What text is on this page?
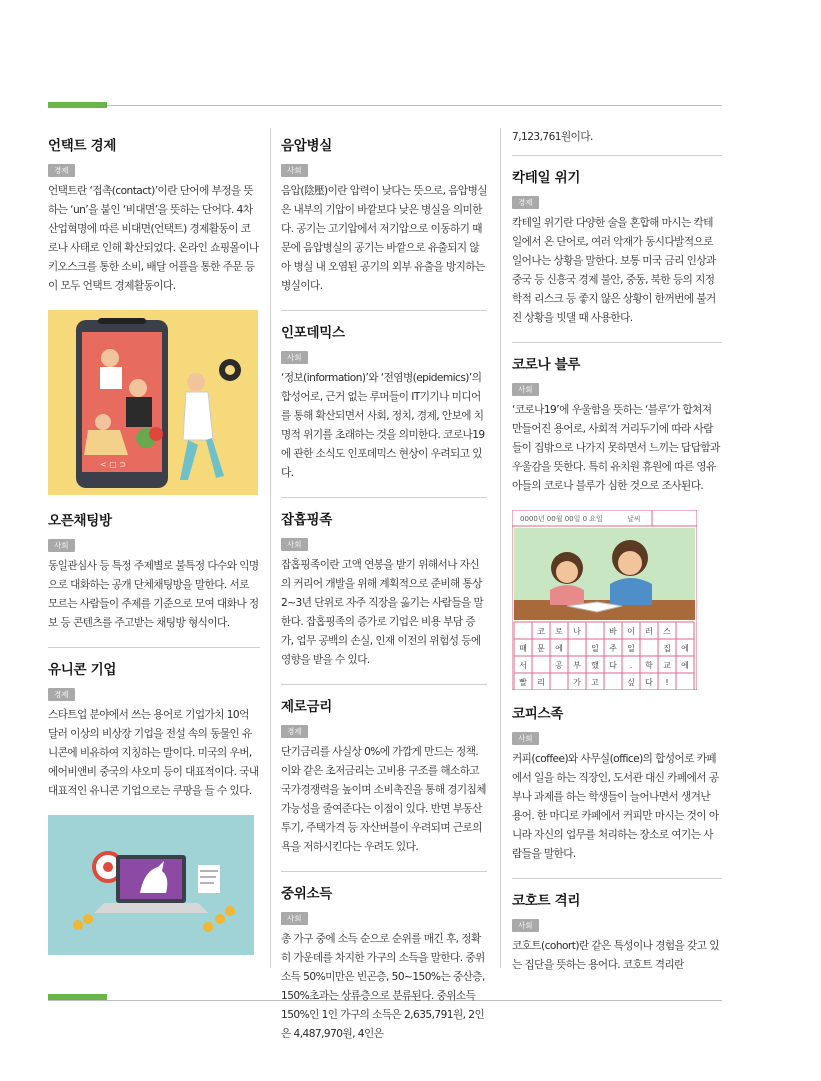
언택트 경제
경제

언택트란 ‘접촉(contact)’이란 단어에 부정을 뜻하는 ‘un’을 붙인 ‘비대면’을 뜻하는 단어다. 4차 산업혁명에 따른 비대면(언택트) 경제활동이 코로나 사태로 인해 확산되었다. 온라인 쇼핑몰이나 키오스크를 통한 소비, 배달 어플을 통한 주문 등이 모두 언택트 경제활동이다.

< ▢ ⊃
오픈채팅방
사회

동일관심사 등 특정 주제별로 불특정 다수와 익명으로 대화하는 공개 단체채팅방을 말한다. 서로 모르는 사람들이 주제를 기준으로 모여 대화나 정보 등 콘텐츠를 주고받는 채팅방 형식이다.

유니콘 기업
경제

스타트업 분야에서 쓰는 용어로 기업가치 10억 달러 이상의 비상장 기업을 전설 속의 동물인 유니콘에 비유하여 지칭하는 말이다. 미국의 우버, 에어비앤비 중국의 샤오미 등이 대표적이다. 국내 대표적인 유니콘 기업으로는 쿠팡을 들 수 있다.

음압병실
사회

음압(陰壓)이란 압력이 낮다는 뜻으로, 음압병실은 내부의 기압이 바깥보다 낮은 병실을 의미한다. 공기는 고기압에서 저기압으로 이동하기 때문에 음압병실의 공기는 바깥으로 유출되지 않아 병실 내 오염된 공기의 외부 유출을 방지하는 병실이다.

인포데믹스
사회

‘정보(information)’와 ‘전염병(epidemics)’의 합성어로, 근거 없는 루머들이 IT기기나 미디어를 통해 확산되면서 사회, 정치, 경제, 안보에 치명적 위기를 초래하는 것을 의미한다. 코로나19에 관한 소식도 인포데믹스 현상이 우려되고 있다.

잡홉핑족
사회

잡홉핑족이란 고액 연봉을 받기 위해서나 자신의 커리어 개발을 위해 계획적으로 준비해 통상 2~3년 단위로 자주 직장을 옮기는 사람들을 말한다. 잡홉핑족의 증가로 기업은 비용 부담 증가, 업무 공백의 손실, 인재 이전의 위험성 등에 영향을 받을 수 있다.

제로금리
경제

단기금리를 사실상 0%에 가깝게 만드는 정책. 이와 같은 초저금리는 고비용 구조를 해소하고 국가경쟁력을 높이며 소비촉진을 통해 경기침체 가능성을 줄여준다는 이점이 있다. 반면 부동산투기, 주택가격 등 자산버블이 우려되며 근로의욕을 저하시킨다는 우려도 있다.

중위소득
사회

총 가구 중에 소득 순으로 순위를 매긴 후, 정확히 가운데를 차지한 가구의 소득을 말한다. 중위소득 50%미만은 빈곤층, 50~150%는 중산층, 150%초과는 상류층으로 분류된다. 중위소득 150%인 1인 가구의 소득은 2,635,791원, 2인은 4,487,970원, 4인은

7,123,761원이다.

칵테일 위기
경제

칵테일 위기란 다양한 술을 혼합해 마시는 칵테일에서 온 단어로, 여러 악재가 동시다발적으로 일어나는 상황을 말한다. 보통 미국 금리 인상과 중국 등 신흥국 경제 불안, 중동, 북한 등의 지정학적 리스크 등 좋지 않은 상황이 한꺼번에 불거진 상황을 빗댈 때 사용한다.

코로나 블루
사회

‘코로나19’에 우울함을 뜻하는 ‘블루’가 합쳐져 만들어진 용어로, 사회적 거리두기에 따라 사람들이 집밖으로 나가지 못하면서 느끼는 답답함과 우울감을 뜻한다. 특히 유치원 휴원에 따른 영유아들의 코로나 블루가 심한 것으로 조사된다.

0000년 00월 00일 0 요일	날씨
코 로 나	바 이 러 스
때 문 에	일 주 일	집 에
서	공 부 했 다 . 학 교 에
빨 리	가 고	싶 다 !
코피스족
사회

커피(coffee)와 사무실(office)의 합성어로 카페에서 일을 하는 직장인, 도서관 대신 카페에서 공부나 과제를 하는 학생들이 늘어나면서 생겨난 용어. 한 마디로 카페에서 커피만 마시는 것이 아니라 자신의 업무를 처리하는 장소로 여기는 사람들을 말한다.

코호트 격리
사회

코호트(cohort)란 같은 특성이나 경험을 갖고 있는 집단을 뜻하는 용어다. 코호트 격리란
